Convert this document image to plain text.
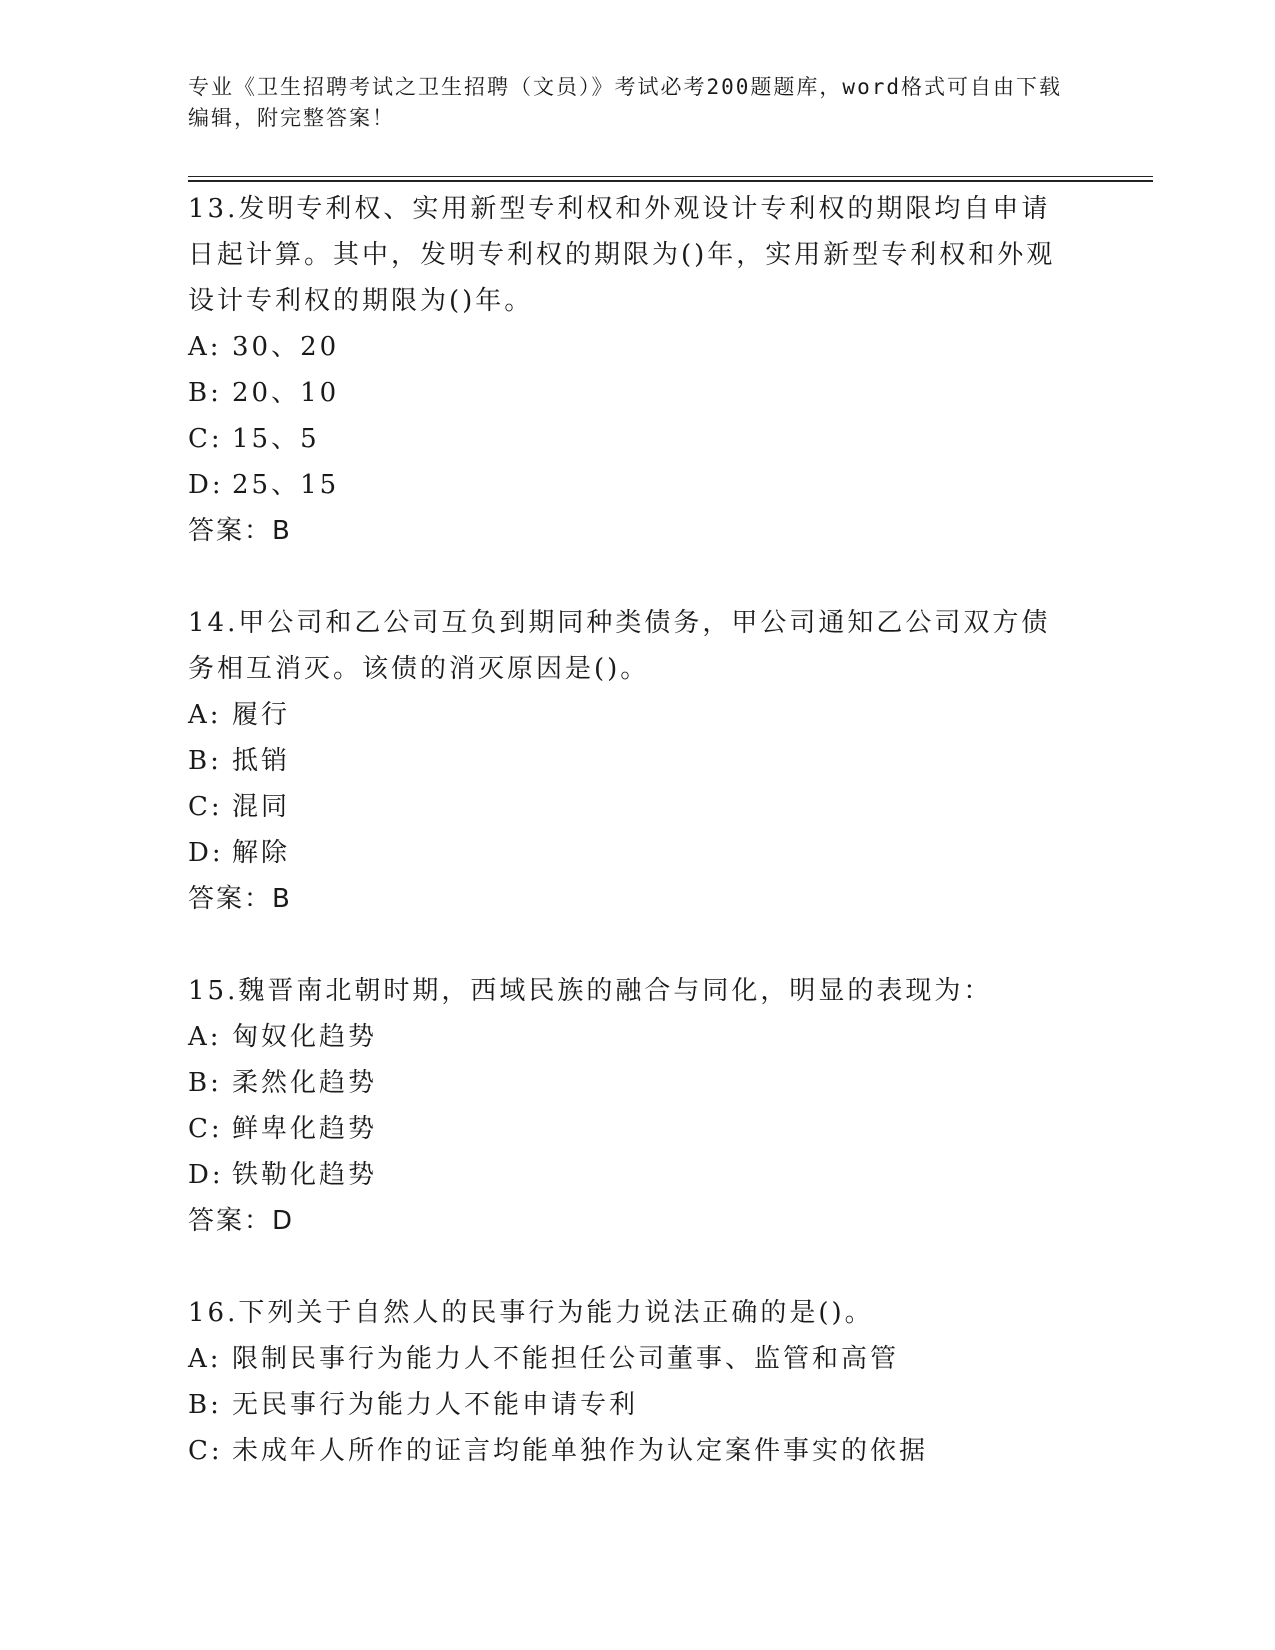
专业《卫生招聘考试之卫生招聘（文员）》考试必考200题题库，word格式可自由下载编辑，附完整答案！

13.发明专利权、实用新型专利权和外观设计专利权的期限均自申请日起计算。其中，发明专利权的期限为()年，实用新型专利权和外观设计专利权的期限为()年。

A: 30、20

B: 20、10

C: 15、5

D: 25、15

答案：B

14.甲公司和乙公司互负到期同种类债务，甲公司通知乙公司双方债务相互消灭。该债的消灭原因是()。

A: 履行

B: 抵销

C: 混同

D: 解除

答案：B

15.魏晋南北朝时期，西域民族的融合与同化，明显的表现为：

A: 匈奴化趋势

B: 柔然化趋势

C: 鲜卑化趋势

D: 铁勒化趋势

答案：D

16.下列关于自然人的民事行为能力说法正确的是()。

A: 限制民事行为能力人不能担任公司董事、监管和高管

B: 无民事行为能力人不能申请专利

C: 未成年人所作的证言均能单独作为认定案件事实的依据
